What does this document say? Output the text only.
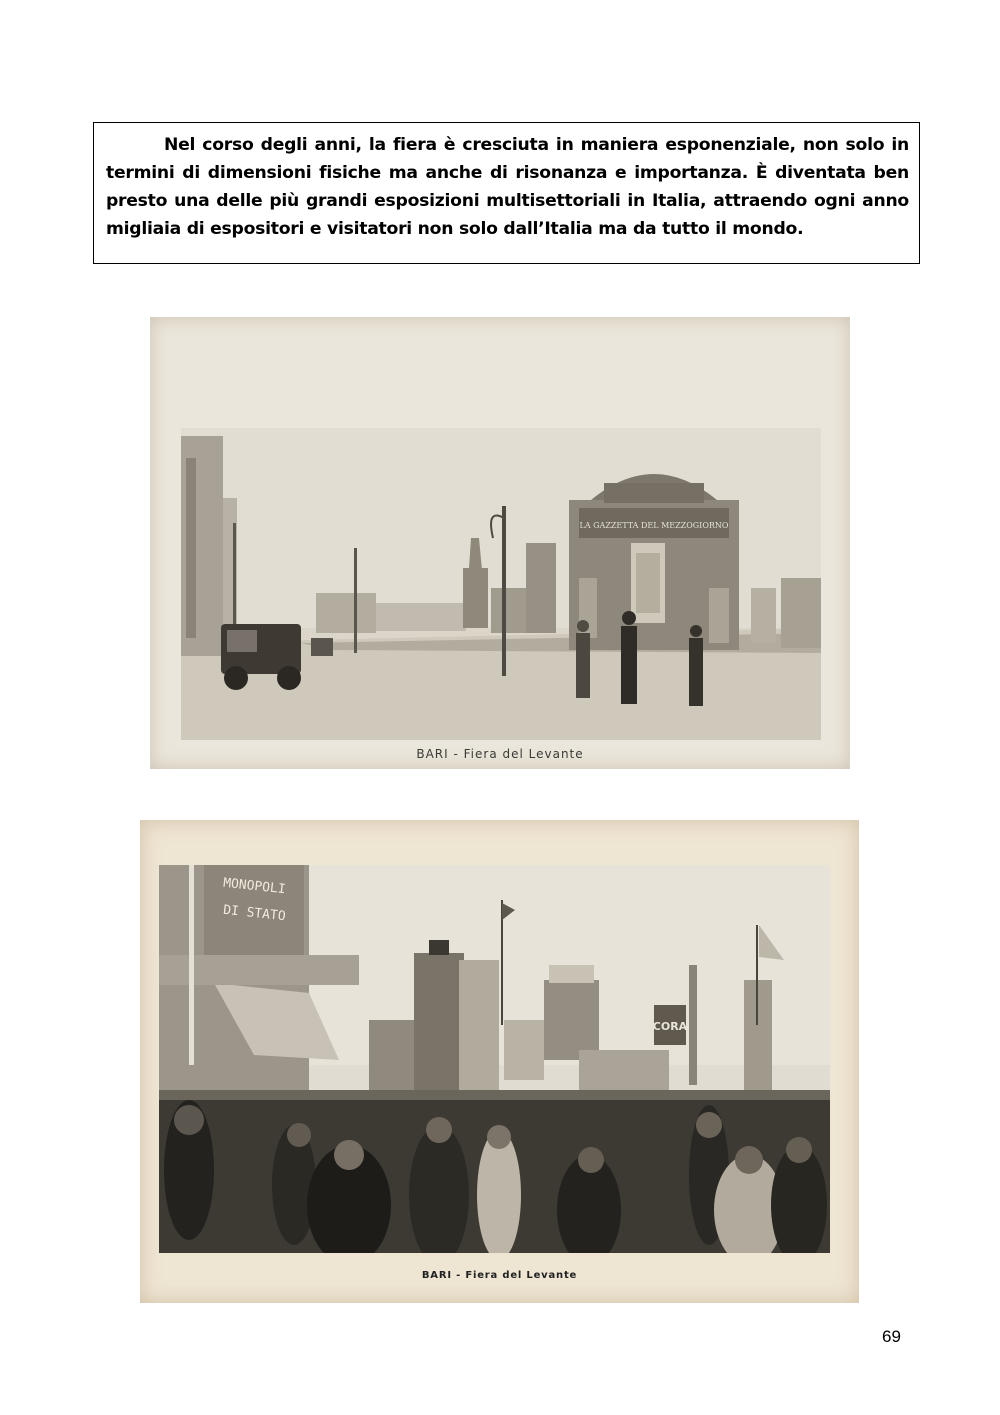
Nel corso degli anni, la fiera è cresciuta in maniera esponenziale, non solo in termini di dimensioni fisiche ma anche di risonanza e importanza. È diventata ben presto una delle più grandi esposizioni multisettoriali in Italia, attraendo ogni anno migliaia di espositori e visitatori non solo dall’Italia ma da tutto il mondo.

LA GAZZETTA DEL MEZZOGIORNO
BARI - Fiera del Levante
MONOPOLI
DI STATO
CORA
BARI - Fiera del Levante
69
